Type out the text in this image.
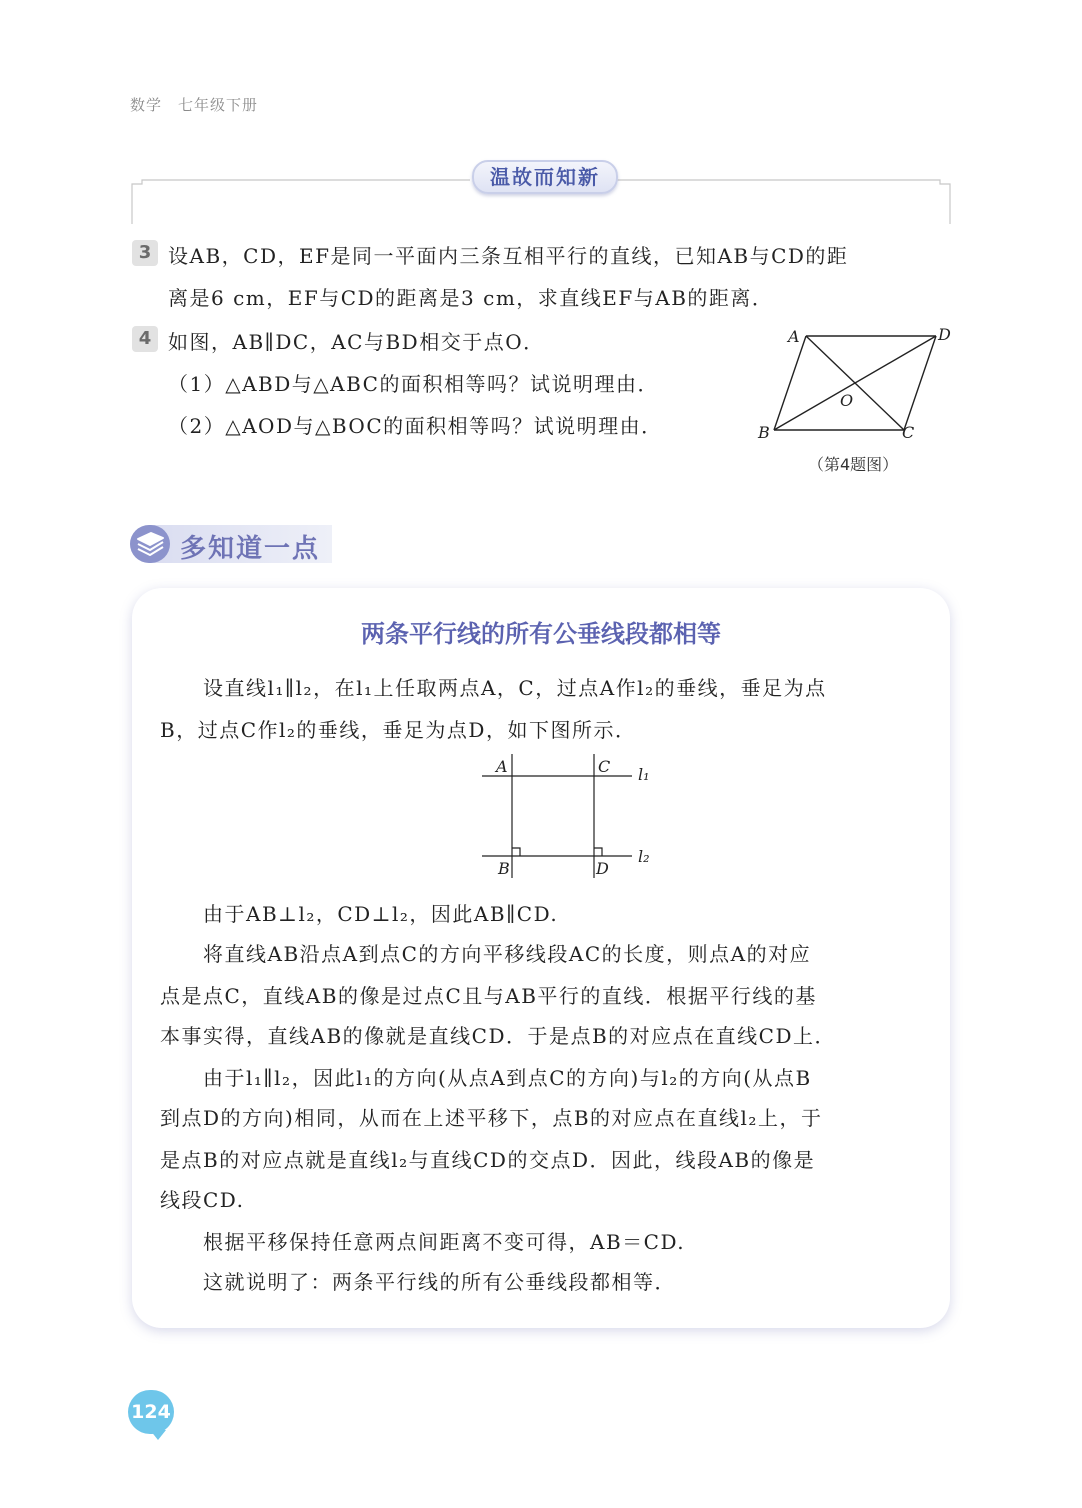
数学　七年级下册
温故而知新
3 设AB，CD，EF是同一平面内三条互相平行的直线，已知AB与CD的距
离是6 cm，EF与CD的距离是3 cm，求直线EF与AB的距离．
4 如图，AB∥DC，AC与BD相交于点O．
（1）△ABD与△ABC的面积相等吗？试说明理由．
（2）△AOD与△BOC的面积相等吗？试说明理由．
A	D
O
B	C
（第4题图）
多知道一点
两条平行线的所有公垂线段都相等
　　设直线l₁∥l₂，在l₁上任取两点A，C，过点A作l₂的垂线，垂足为点
B，过点C作l₂的垂线，垂足为点D，如下图所示．
A	C l₁
B	D
l₂
　　由于AB⊥l₂，CD⊥l₂，因此AB∥CD.
　　将直线AB沿点A到点C的方向平移线段AC的长度，则点A的对应
点是点C，直线AB的像是过点C且与AB平行的直线．根据平行线的基
本事实得，直线AB的像就是直线CD．于是点B的对应点在直线CD上．
　　由于l₁∥l₂，因此l₁的方向(从点A到点C的方向)与l₂的方向(从点B
到点D的方向)相同，从而在上述平移下，点B的对应点在直线l₂上，于
是点B的对应点就是直线l₂与直线CD的交点D．因此，线段AB的像是
线段CD.
　　根据平移保持任意两点间距离不变可得，AB＝CD.
　　这就说明了：两条平行线的所有公垂线段都相等．
124
